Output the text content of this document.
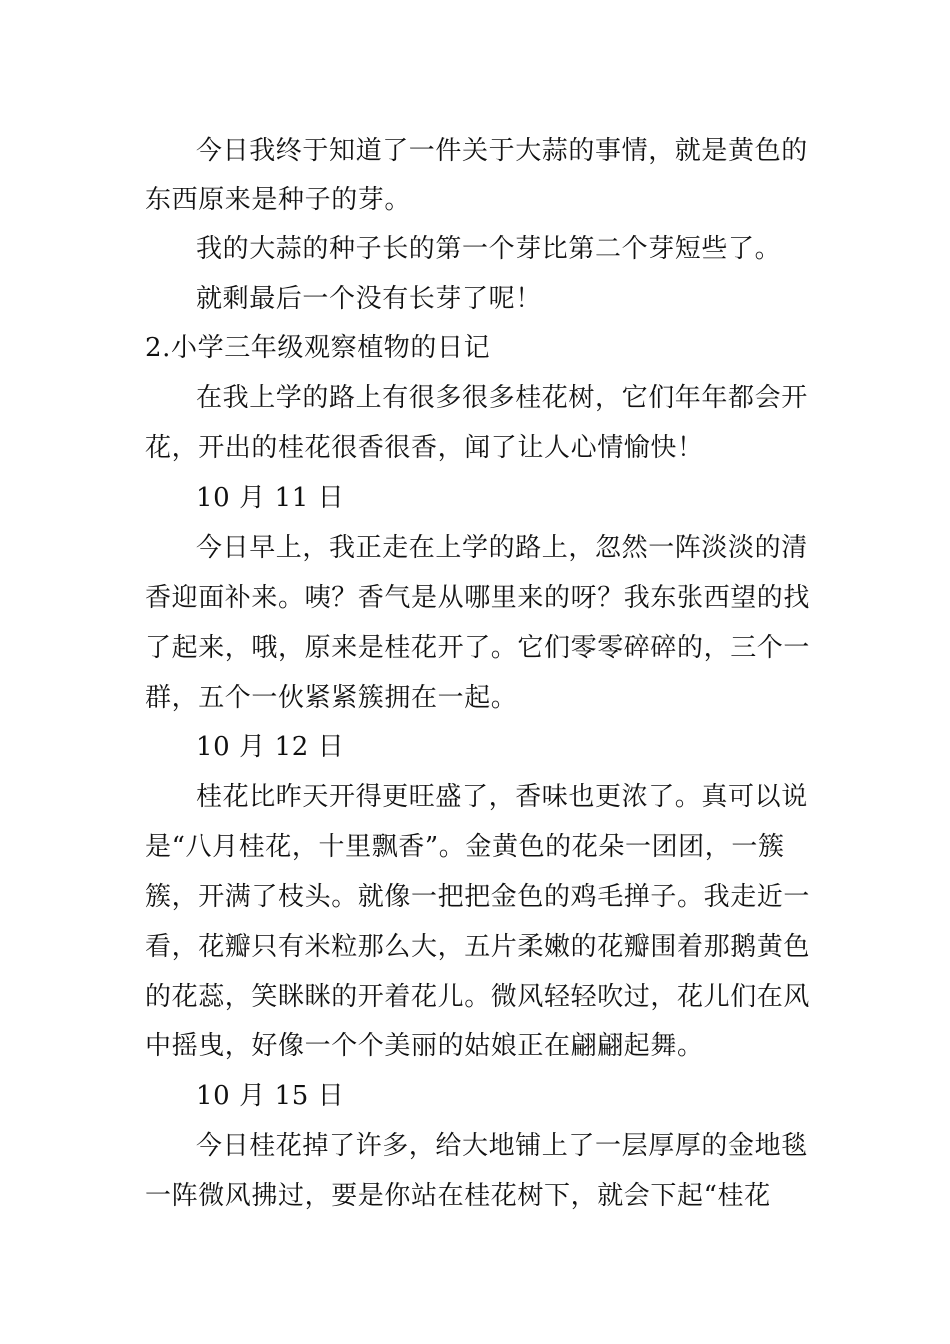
今日我终于知道了一件关于大蒜的事情，就是黄色的
东西原来是种子的芽。
我的大蒜的种子长的第一个芽比第二个芽短些了。
就剩最后一个没有长芽了呢！
2.小学三年级观察植物的日记
在我上学的路上有很多很多桂花树，它们年年都会开
花，开出的桂花很香很香，闻了让人心情愉快！
10 月 11 日
今日早上，我正走在上学的路上，忽然一阵淡淡的清
香迎面补来。咦？香气是从哪里来的呀？我东张西望的找
了起来，哦，原来是桂花开了。它们零零碎碎的，三个一
群，五个一伙紧紧簇拥在一起。
10 月 12 日
桂花比昨天开得更旺盛了，香味也更浓了。真可以说
是“八月桂花，十里飘香”。金黄色的花朵一团团，一簇
簇，开满了枝头。就像一把把金色的鸡毛掸子。我走近一
看，花瓣只有米粒那么大，五片柔嫩的花瓣围着那鹅黄色
的花蕊，笑眯眯的开着花儿。微风轻轻吹过，花儿们在风
中摇曳，好像一个个美丽的姑娘正在翩翩起舞。
10 月 15 日
今日桂花掉了许多，给大地铺上了一层厚厚的金地毯
一阵微风拂过，要是你站在桂花树下，就会下起“桂花
